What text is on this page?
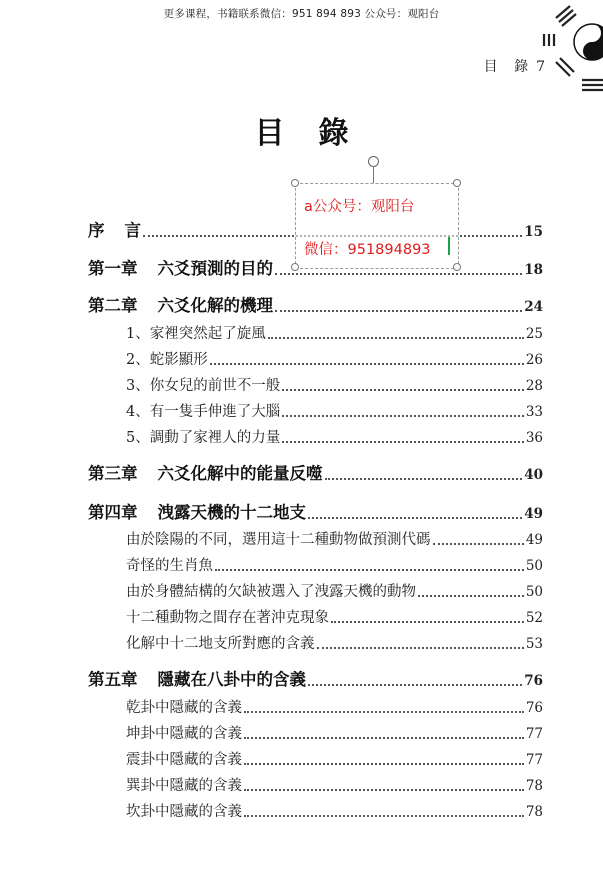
更多课程，书籍联系微信：951 894 893 公众号：观阳台
目 錄 7
目錄
序 言	15
第一章 六爻預測的目的	18
第二章 六爻化解的機理	24
1、家裡突然起了旋風	25
2、蛇影顯形	26
3、你女兒的前世不一般	28
4、有一隻手伸進了大腦	33
5、調動了家裡人的力量	36
第三章 六爻化解中的能量反噬	40
第四章 洩露天機的十二地支	49
由於陰陽的不同，選用這十二種動物做預測代碼	49
奇怪的生肖魚	50
由於身體結構的欠缺被選入了洩露天機的動物	50
十二種動物之間存在著沖克現象	52
化解中十二地支所對應的含義	53
第五章 隱藏在八卦中的含義	76
乾卦中隱藏的含義	76
坤卦中隱藏的含義	77
震卦中隱藏的含義	77
巽卦中隱藏的含義	78
坎卦中隱藏的含義	78
a公众号：观阳台
微信：951894893
